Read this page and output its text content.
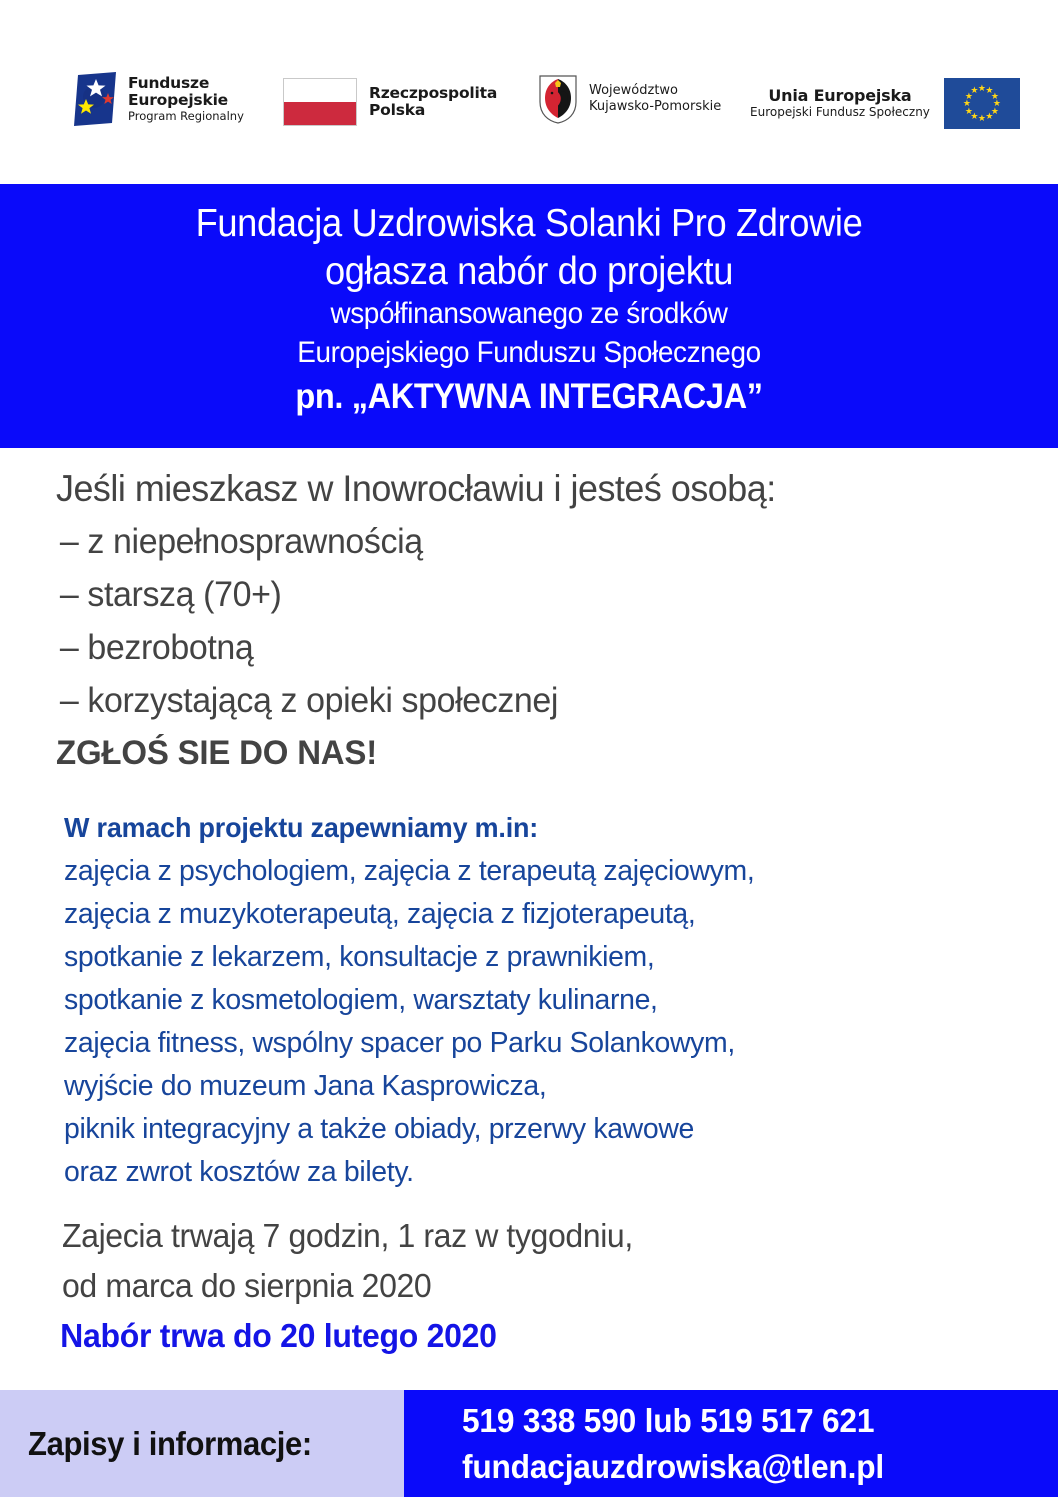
Fundusze
Europejskie
Program Regionalny
Rzeczpospolita
Polska
Województwo
Kujawsko-Pomorskie
Unia Europejska
Europejski Fundusz Społeczny
★ ★
★
★
★
★
★
★
★
★
★
★
Fundacja Uzdrowiska Solanki Pro Zdrowie
ogłasza nabór do projektu
współfinansowanego ze środków
Europejskiego Funduszu Społecznego
pn. „AKTYWNA INTEGRACJA”
Jeśli mieszkasz w Inowrocławiu i jesteś osobą:
– z niepełnosprawnością
– starszą (70+)
– bezrobotną
– korzystającą z opieki społecznej
ZGŁOŚ SIE DO NAS!
W ramach projektu zapewniamy m.in:
zajęcia z psychologiem, zajęcia z terapeutą zajęciowym,
zajęcia z muzykoterapeutą, zajęcia z fizjoterapeutą,
spotkanie z lekarzem, konsultacje z prawnikiem,
spotkanie z kosmetologiem, warsztaty kulinarne,
zajęcia fitness, wspólny spacer po Parku Solankowym,
wyjście do muzeum Jana Kasprowicza,
piknik integracyjny a także obiady, przerwy kawowe
oraz zwrot kosztów za bilety.
Zajecia trwają 7 godzin, 1 raz w tygodniu,
od marca do sierpnia 2020
Nabór trwa do 20 lutego 2020
Zapisy i informacje:
519 338 590 lub 519 517 621
fundacjauzdrowiska@tlen.pl
